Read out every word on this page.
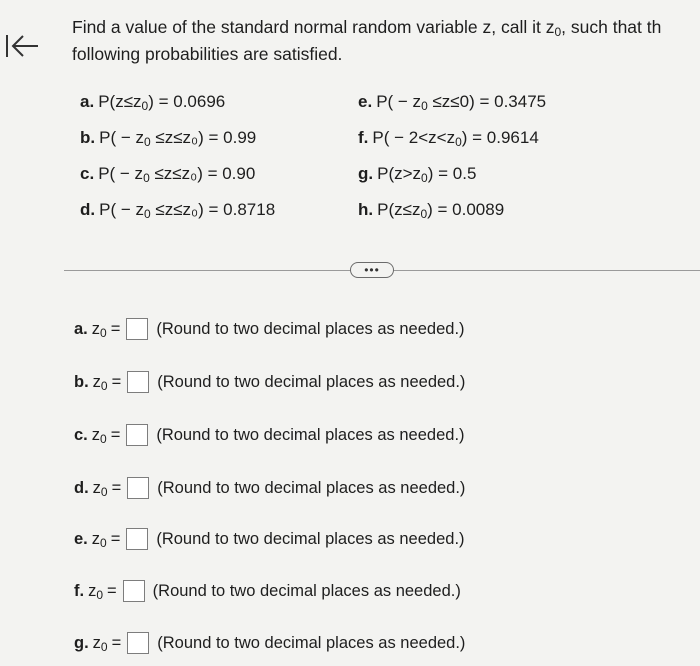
Find a value of the standard normal random variable z, call it $z_0$, such that th
following probabilities are satisfied.
a. $P(z\le z_0) = 0.0696$
b. $P( - z_0 \le z\le z_0) = 0.99$
c. $P( - z_0 \le z\le z_0) = 0.90$
d. $P( - z_0 \le z\le z_0) = 0.8718$
e. $P( - z_0 \le z\le 0) = 0.3475$
f. $P( - 2<z<z_0) = 0.9614$
g. $P(z>z_0) = 0.5$
h. $P(z\le z_0) = 0.0089$
•••
a. $z_0$ = (Round to two decimal places as needed.)
b. $z_0$ = (Round to two decimal places as needed.)
c. $z_0$ = (Round to two decimal places as needed.)
d. $z_0$ = (Round to two decimal places as needed.)
e. $z_0$ = (Round to two decimal places as needed.)
f. $z_0$ = (Round to two decimal places as needed.)
g. $z_0$ = (Round to two decimal places as needed.)
